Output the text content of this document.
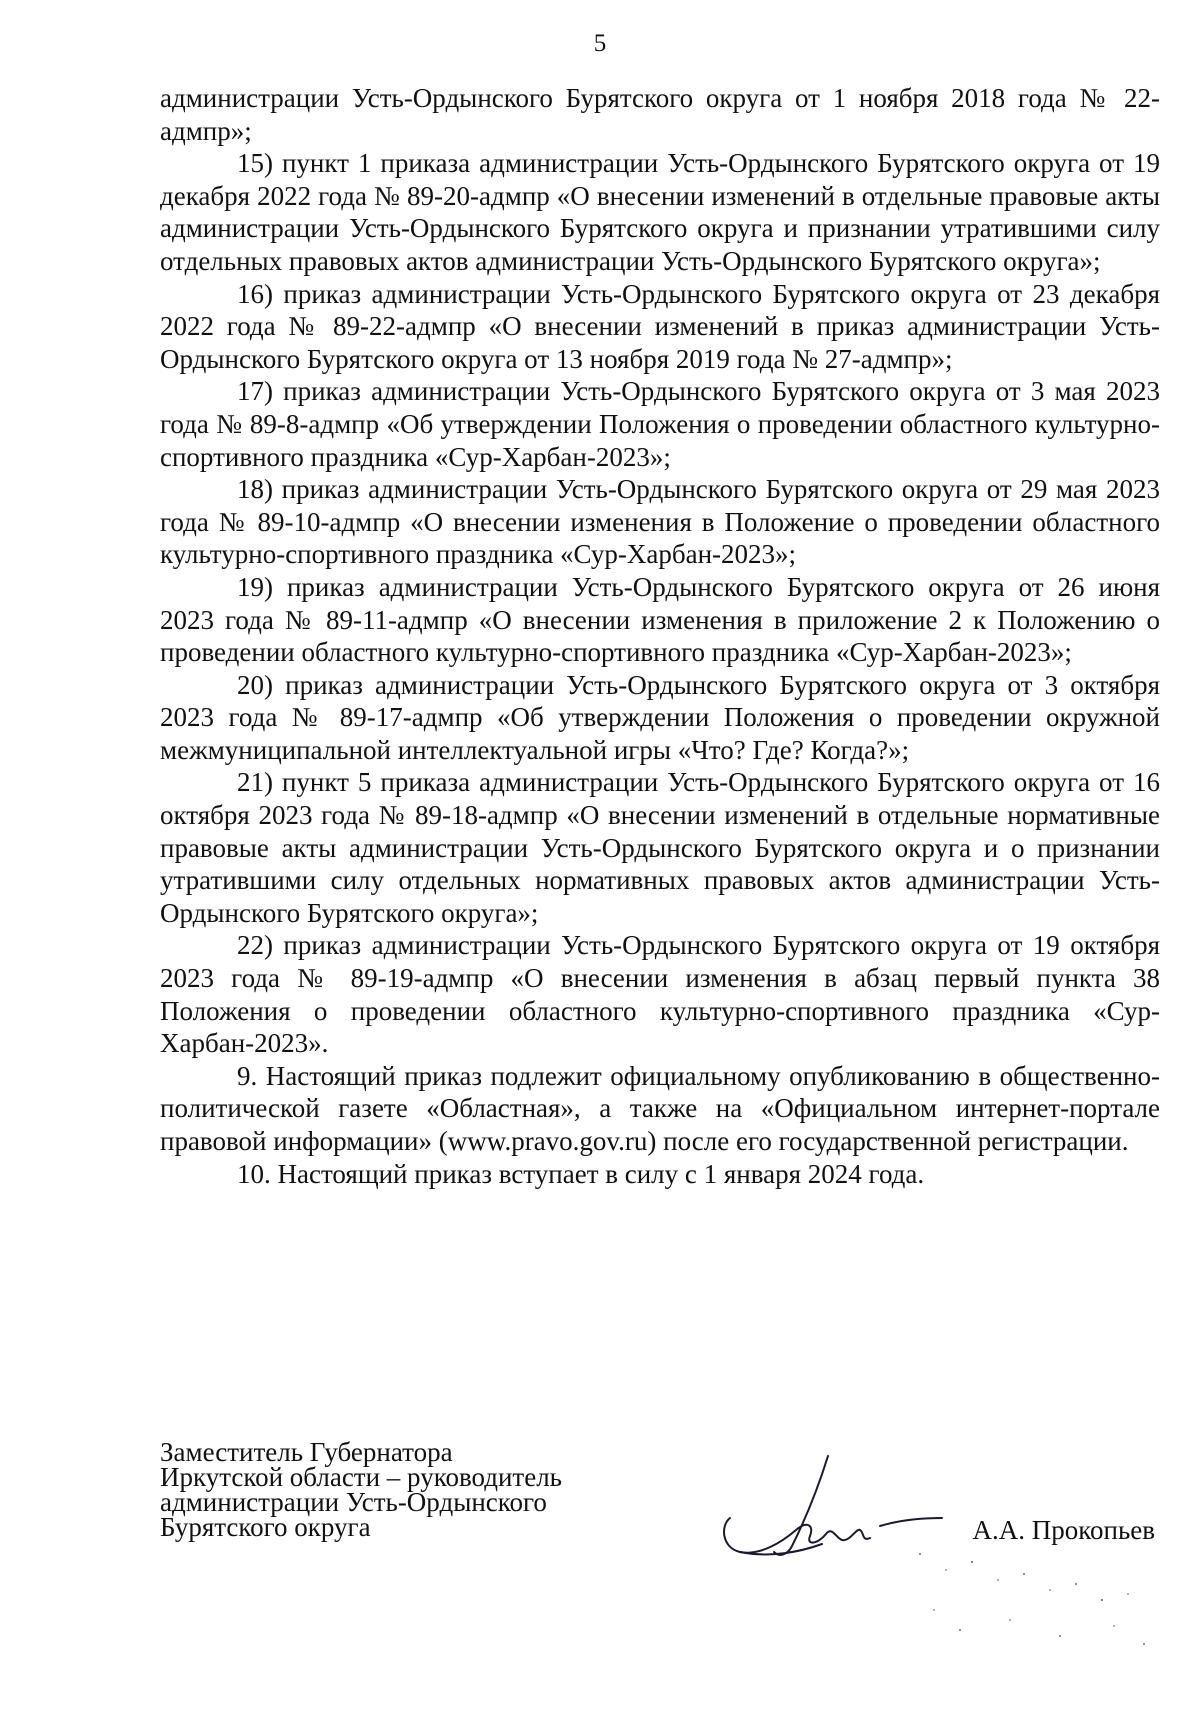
5

администрации Усть-Ордынского Бурятского округа от 1 ноября 2018 года № 22-адмпр»;

15) пункт 1 приказа администрации Усть-Ордынского Бурятского округа от 19 декабря 2022 года № 89-20-адмпр «О внесении изменений в отдельные правовые акты администрации Усть-Ордынского Бурятского округа и признании утратившими силу отдельных правовых актов администрации Усть-Ордынского Бурятского округа»;

16) приказ администрации Усть-Ордынского Бурятского округа от 23 декабря 2022 года № 89-22-адмпр «О внесении изменений в приказ администрации Усть-Ордынского Бурятского округа от 13 ноября 2019 года № 27-адмпр»;

17) приказ администрации Усть-Ордынского Бурятского округа от 3 мая 2023 года № 89-8-адмпр «Об утверждении Положения о проведении областного культурно-спортивного праздника «Сур-Харбан-2023»;

18) приказ администрации Усть-Ордынского Бурятского округа от 29 мая 2023 года № 89-10-адмпр «О внесении изменения в Положение о проведении областного культурно-спортивного праздника «Сур-Харбан-2023»;

19) приказ администрации Усть-Ордынского Бурятского округа от 26 июня 2023 года № 89-11-адмпр «О внесении изменения в приложение 2 к Положению о проведении областного культурно-спортивного праздника «Сур-Харбан-2023»;

20) приказ администрации Усть-Ордынского Бурятского округа от 3 октября 2023 года № 89-17-адмпр «Об утверждении Положения о проведении окружной межмуниципальной интеллектуальной игры «Что? Где? Когда?»;

21) пункт 5 приказа администрации Усть-Ордынского Бурятского округа от 16 октября 2023 года № 89-18-адмпр «О внесении изменений в отдельные нормативные правовые акты администрации Усть-Ордынского Бурятского округа и о признании утратившими силу отдельных нормативных правовых актов администрации Усть-Ордынского Бурятского округа»;

22) приказ администрации Усть-Ордынского Бурятского округа от 19 октября 2023 года № 89-19-адмпр «О внесении изменения в абзац первый пункта 38 Положения о проведении областного культурно-спортивного праздника «Сур-Харбан-2023».

9. Настоящий приказ подлежит официальному опубликованию в общественно-политической газете «Областная», а также на «Официальном интернет-портале правовой информации» (www.pravo.gov.ru) после его государственной регистрации.

10. Настоящий приказ вступает в силу с 1 января 2024 года.

Заместитель Губернатора
Иркутской области – руководитель
администрации Усть-Ордынского
Бурятского округа	А.А. Прокопьев
